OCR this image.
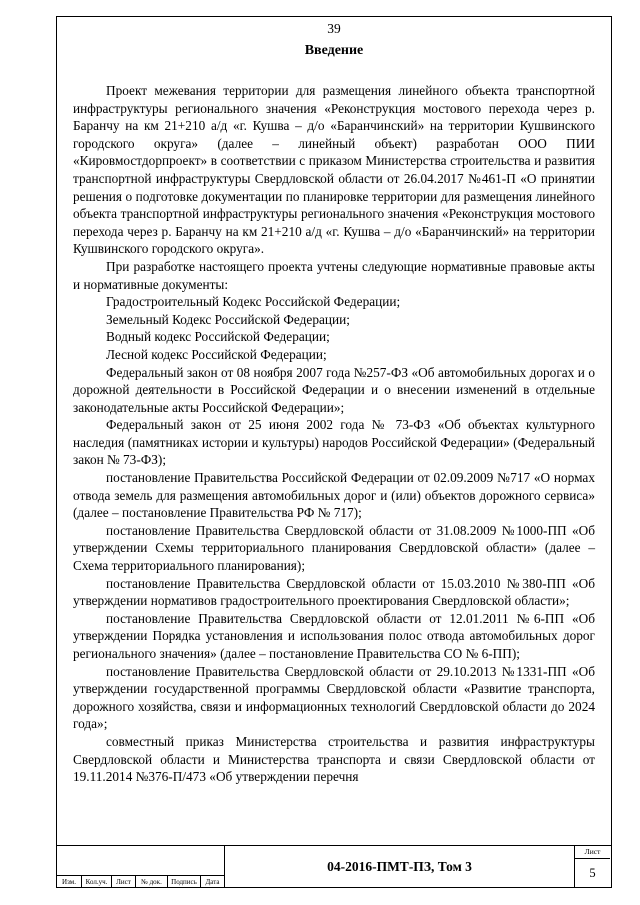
39
Введение

Проект межевания территории для размещения линейного объекта транспортной инфраструктуры регионального значения «Реконструкция мостового перехода через р. Баранчу на км 21+210 а/д «г. Кушва – д/о «Баранчинский» на территории Кушвинского городского округа» (далее – линейный объект) разработан ООО ПИИ «Кировмостдорпроект» в соответствии с приказом Министерства строительства и развития транспортной инфраструктуры Свердловской области от 26.04.2017 №461-П «О принятии решения о подготовке документации по планировке территории для размещения линейного объекта транспортной инфраструктуры регионального значения «Реконструкция мостового перехода через р. Баранчу на км 21+210 а/д «г. Кушва – д/о «Баранчинский» на территории Кушвинского городского округа».

При разработке настоящего проекта учтены следующие нормативные правовые акты и нормативные документы:

Градостроительный Кодекс Российской Федерации;

Земельный Кодекс Российской Федерации;

Водный кодекс Российской Федерации;

Лесной кодекс Российской Федерации;

Федеральный закон от 08 ноября 2007 года №257-ФЗ «Об автомобильных дорогах и о дорожной деятельности в Российской Федерации и о внесении изменений в отдельные законодательные акты Российской Федерации»;

Федеральный закон от 25 июня 2002 года № 73-ФЗ «Об объектах культурного наследия (памятниках истории и культуры) народов Российской Федерации» (Федеральный закон № 73-ФЗ);

постановление Правительства Российской Федерации от 02.09.2009 №717 «О нормах отвода земель для размещения автомобильных дорог и (или) объектов дорожного сервиса» (далее – постановление Правительства РФ № 717);

постановление Правительства Свердловской области от 31.08.2009 №1000-ПП «Об утверждении Схемы территориального планирования Свердловской области» (далее – Схема территориального планирования);

постановление Правительства Свердловской области от 15.03.2010 №380-ПП «Об утверждении нормативов градостроительного проектирования Свердловской области»;

постановление Правительства Свердловской области от 12.01.2011 №6-ПП «Об утверждении Порядка установления и использования полос отвода автомобильных дорог регионального значения» (далее – постановление Правительства СО № 6-ПП);

постановление Правительства Свердловской области от 29.10.2013 №1331-ПП «Об утверждении государственной программы Свердловской области «Развитие транспорта, дорожного хозяйства, связи и информационных технологий Свердловской области до 2024 года»;

совместный приказ Министерства строительства и развития инфраструктуры Свердловской области и Министерства транспорта и связи Свердловской области от 19.11.2014 №376-П/473 «Об утверждении перечня

Изм.	Кол.уч.	Лист	№ док.	Подпись	Дата
04-2016-ПМТ-ПЗ, Том 3
Лист
5
